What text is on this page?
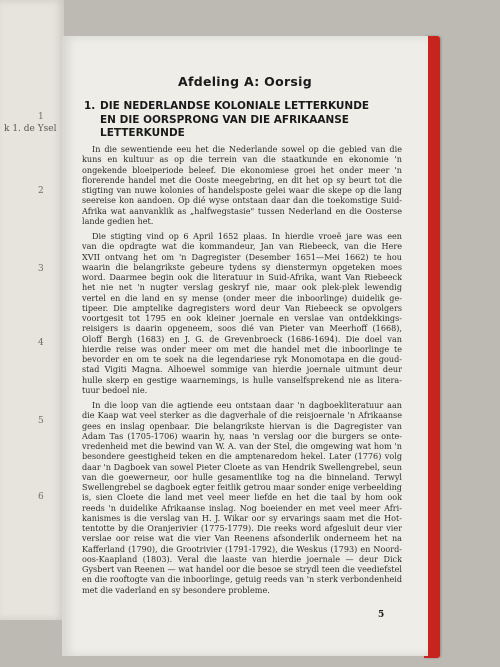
1
k 1. de Ysel
2
3
4
5
6
Afdeling A: Oorsig
1. DIE NEDERLANDSE KOLONIALE LETTERKUNDE
EN DIE OORSPRONG VAN DIE AFRIKAANSE
LETTERKUNDE
In die sewentiende eeu het die Nederlande sowel op die gebied van die
kuns en kultuur as op die terrein van die staatkunde en ekonomie 'n
ongekende bloeiperiode beleef. Die ekonomiese groei het onder meer 'n
florerende handel met die Ooste meegebring, en dit het op sy beurt tot die
stigting van nuwe kolonies of handelsposte gelei waar die skepe op die lang
seereise kon aandoen. Op dié wyse ontstaan daar dan die toekomstige Suid-
Afrika wat aanvanklik as „halfwegstasie" tussen Nederland en die Oosterse
lande gedien het.
Die stigting vind op 6 April 1652 plaas. In hierdie vroeë jare was een
van die opdragte wat die kommandeur, Jan van Riebeeck, van die Here
XVII ontvang het om 'n Dagregister (Desember 1651—Mei 1662) te hou
waarin die belangrikste gebeure tydens sy dienstermyn opgeteken moes
word. Daarmee begin ook die literatuur in Suid-Afrika, want Van Riebeeck
het nie net 'n nugter verslag geskryf nie, maar ook plek-plek lewendig
vertel en die land en sy mense (onder meer die inboorlinge) duidelik ge-
tipeer. Die amptelike dagregisters word deur Van Riebeeck se opvolgers
voortgesit tot 1795 en ook kleiner joernale en verslae van ontdekkings-
reisigers is daarin opgeneem, soos dié van Pieter van Meerhoff (1668),
Oloff Bergh (1683) en J. G. de Grevenbroeck (1686-1694). Die doel van
hierdie reise was onder meer om met die handel met die inboorlinge te
bevorder en om te soek na die legendariese ryk Monomotapa en die goud-
stad Vigiti Magna. Alhoewel sommige van hierdie joernale uitmunt deur
hulle skerp en gestige waarnemings, is hulle vanselfsprekend nie as litera-
tuur bedoel nie.
In die loop van die agtiende eeu ontstaan daar 'n dagboekliteratuur aan
die Kaap wat veel sterker as die dagverhale of die reisjoernale 'n Afrikaanse
gees en inslag openbaar. Die belangrikste hiervan is die Dagregister van
Adam Tas (1705-1706) waarin hy, naas 'n verslag oor die burgers se ontе-
vredenheid met die bewind van W. A. van der Stel, die omgewing wat hom 'n
besondere geestigheid teken en die amptenaredom hekel. Later (1776) volg
daar 'n Dagboek van sowel Pieter Cloete as van Hendrik Swellengrebel, seun
van die goewerneur, oor hulle gesamentlike tog na die binneland. Terwyl
Swellengrebel se dagboek egter feitlik getrou maar sonder enige verbeelding
is, sien Cloete die land met veel meer liefde en het die taal by hom ook
reeds 'n duidelike Afrikaanse inslag. Nog boeiender en met veel meer Afri-
kanismes is die verslag van H. J. Wikar oor sy ervarings saam met die Hot-
tentotte by die Oranjerivier (1775-1779). Die reeks word afgesluit deur vier
verslae oor reise wat die vier Van Reenens afsonderlik onderneem het na
Kafferland (1790), die Grootrivier (1791-1792), die Weskus (1793) en Noord-
oos-Kaapland (1803). Veral die laaste van hierdie joernale — deur Dick
Gysbert van Reenen — wat handel oor die besoe se strydl teen die veediefstel
en die rooftogte van die inboorlinge, getuig reeds van 'n sterk verbondenheid
met die vaderland en sy besondere probleme.
5
